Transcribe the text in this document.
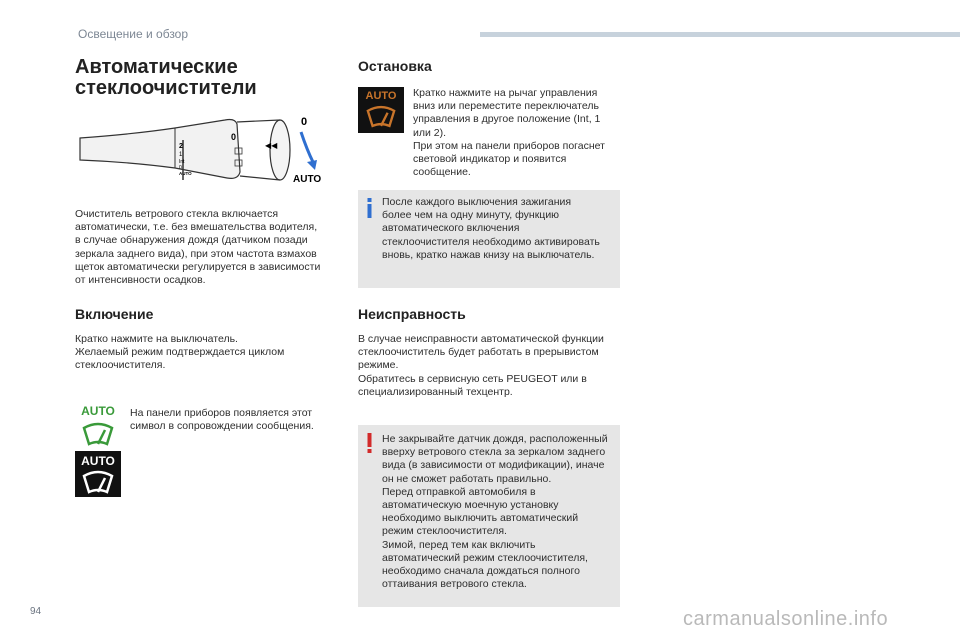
Освещение и обзор
Автоматические
стеклоочистители
2
1
Int
0
AUTO
0
◀◀
0
AUTO
Очиститель ветрового стекла включается
автоматически, т.е. без вмешательства водителя,
в случае обнаружения дождя (датчиком позади
зеркала заднего вида), при этом частота взмахов
щеток автоматически регулируется в зависимости
от интенсивности осадков.
Включение
Кратко нажмите на выключатель.
Желаемый режим подтверждается циклом
стеклоочистителя.
AUTO
AUTO
На панели приборов появляется этот
символ в сопровождении сообщения.
Остановка
AUTO	Кратко нажмите на рычаг управления
вниз или переместите переключатель
управления в другое положение (Int, 1
или 2).
При этом на панели приборов погаснет
световой индикатор и появится
сообщение.
После каждого выключения зажигания
более чем на одну минуту, функцию
автоматического включения
стеклоочистителя необходимо активировать
вновь, кратко нажав книзу на выключатель.
Неисправность
В случае неисправности автоматической функции
стеклоочиститель будет работать в прерывистом
режиме.
Обратитесь в сервисную сеть PEUGEOT или в
специализированный техцентр.
Не закрывайте датчик дождя, расположенный
вверху ветрового стекла за зеркалом заднего
вида (в зависимости от модификации), иначе
он не сможет работать правильно.
Перед отправкой автомобиля в
автоматическую моечную установку
необходимо выключить автоматический
режим стеклоочистителя.
Зимой, перед тем как включить
автоматический режим стеклоочистителя,
необходимо сначала дождаться полного
оттаивания ветрового стекла.
94	carmanualsonline.info
